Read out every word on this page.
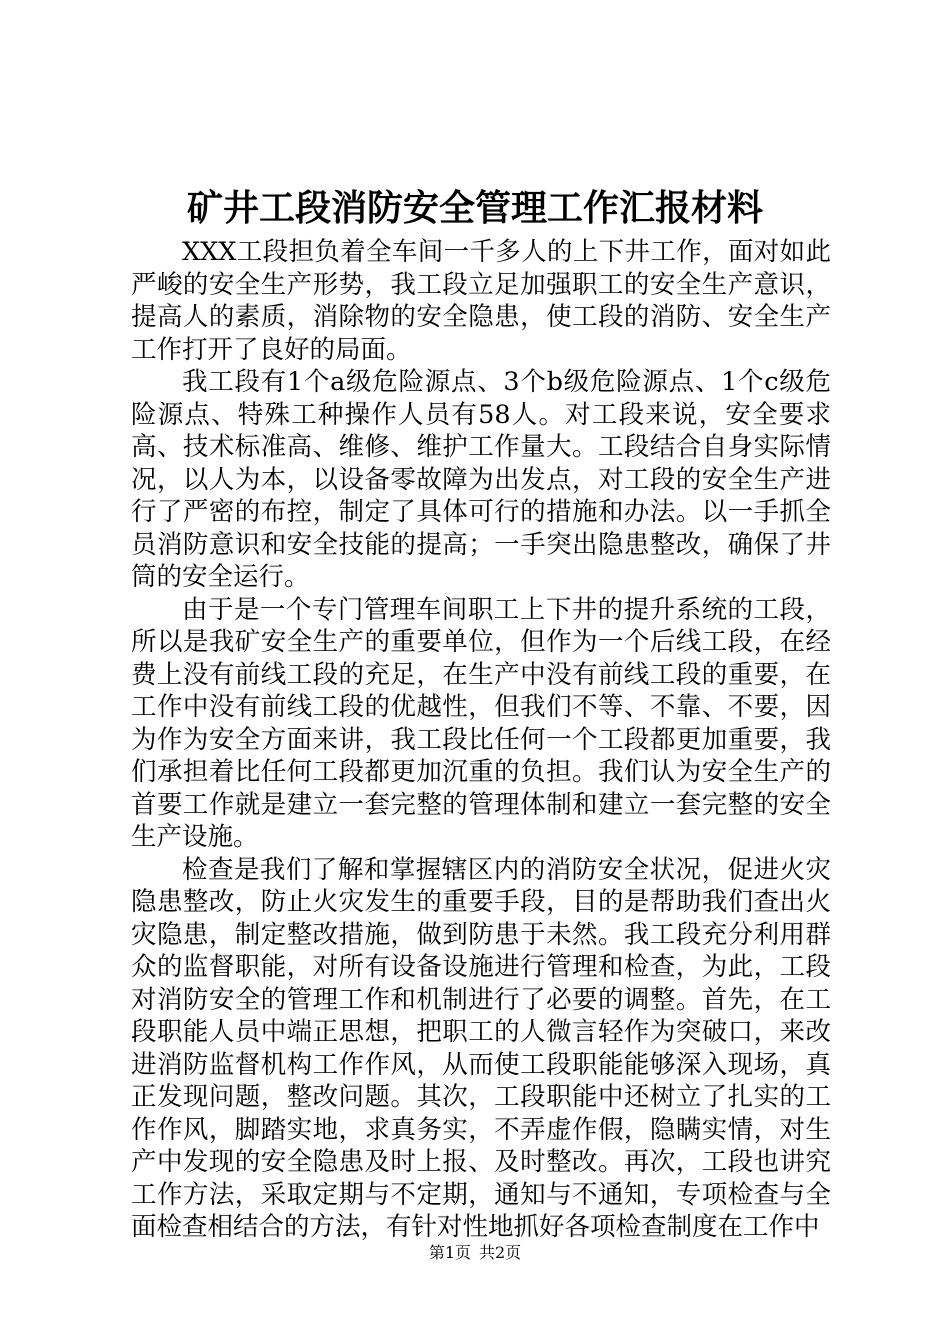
矿井工段消防安全管理工作汇报材料

XXX工段担负着全车间一千多人的上下井工作，面对如此严峻的安全生产形势，我工段立足加强职工的安全生产意识，提高人的素质，消除物的安全隐患，使工段的消防、安全生产工作打开了良好的局面。

我工段有1个a级危险源点、3个b级危险源点、1个c级危险源点、特殊工种操作人员有58人。对工段来说，安全要求高、技术标准高、维修、维护工作量大。工段结合自身实际情况，以人为本，以设备零故障为出发点，对工段的安全生产进行了严密的布控，制定了具体可行的措施和办法。以一手抓全员消防意识和安全技能的提高；一手突出隐患整改，确保了井筒的安全运行。

由于是一个专门管理车间职工上下井的提升系统的工段，所以是我矿安全生产的重要单位，但作为一个后线工段，在经费上没有前线工段的充足，在生产中没有前线工段的重要，在工作中没有前线工段的优越性，但我们不等、不靠、不要，因为作为安全方面来讲，我工段比任何一个工段都更加重要，我们承担着比任何工段都更加沉重的负担。我们认为安全生产的首要工作就是建立一套完整的管理体制和建立一套完整的安全生产设施。

检查是我们了解和掌握辖区内的消防安全状况，促进火灾隐患整改，防止火灾发生的重要手段，目的是帮助我们查出火灾隐患，制定整改措施，做到防患于未然。我工段充分利用群众的监督职能，对所有设备设施进行管理和检查，为此，工段对消防安全的管理工作和机制进行了必要的调整。首先，在工段职能人员中端正思想，把职工的人微言轻作为突破口，来改进消防监督机构工作作风，从而使工段职能能够深入现场，真正发现问题，整改问题。其次，工段职能中还树立了扎实的工作作风，脚踏实地，求真务实，不弄虚作假，隐瞒实情，对生产中发现的安全隐患及时上报、及时整改。再次，工段也讲究工作方法，采取定期与不定期，通知与不通知，专项检查与全面检查相结合的方法，有针对性地抓好各项检查制度在工作中

第1页 共2页
